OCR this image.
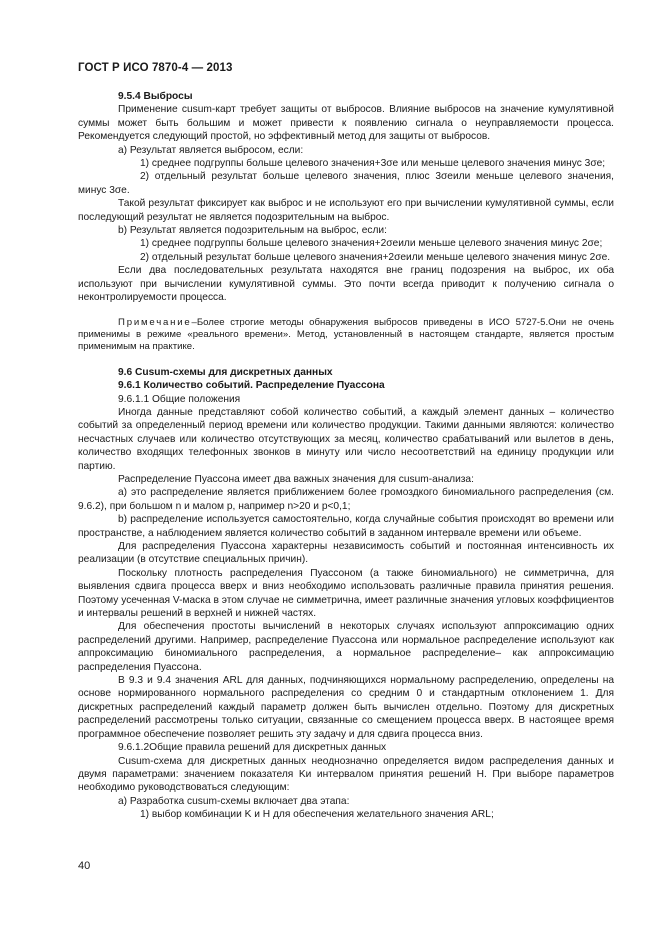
ГОСТ Р ИСО 7870-4 — 2013

9.5.4 Выбросы

Применение cusum-карт требует защиты от выбросов. Влияние выбросов на значение кумулятивной суммы может быть большим и может привести к появлению сигнала о неуправляемости процесса. Рекомендуется следующий простой, но эффективный метод для защиты от выбросов.

а) Результат является выбросом, если:

1) среднее подгруппы больше целевого значения+3σе или меньше целевого значения минус 3σе;

2) отдельный результат больше целевого значения, плюс 3σеили меньше целевого значения, минус 3σе.

Такой результат фиксирует как выброс и не используют его при вычислении кумулятивной суммы, если последующий результат не является подозрительным на выброс.

b) Результат является подозрительным на выброс, если:

1) среднее подгруппы больше целевого значения+2σеили меньше целевого значения минус 2σе;

2) отдельный результат больше целевого значения+2σеили меньше целевого значения минус 2σе.

Если два последовательных результата находятся вне границ подозрения на выброс, их оба используют при вычислении кумулятивной суммы. Это почти всегда приводит к получению сигнала о неконтролируемости процесса.

Примечание–Более строгие методы обнаружения выбросов приведены в ИСО 5727-5.Они не очень применимы в режиме «реального времени». Метод, установленный в настоящем стандарте, является простым применимым на практике.

9.6 Cusum-схемы для дискретных данных

9.6.1 Количество событий. Распределение Пуассона

9.6.1.1 Общие положения

Иногда данные представляют собой количество событий, а каждый элемент данных – количество событий за определенный период времени или количество продукции. Такими данными являются: количество несчастных случаев или количество отсутствующих за месяц, количество срабатываний или вылетов в день, количество входящих телефонных звонков в минуту или число несоответствий на единицу продукции или партию.

Распределение Пуассона имеет два важных значения для cusum-анализа:

а) это распределение является приближением более громоздкого биномиального распределения (см. 9.6.2), при большом n и малом p, например n>20 и p<0,1;

b) распределение используется самостоятельно, когда случайные события происходят во времени или пространстве, а наблюдением является количество событий в заданном интервале времени или объеме.

Для распределения Пуассона характерны независимость событий и постоянная интенсивность их реализации (в отсутствие специальных причин).

Поскольку плотность распределения Пуассоном (а также биномиального) не симметрична, для выявления сдвига процесса вверх и вниз необходимо использовать различные правила принятия решения. Поэтому усеченная V-маска в этом случае не симметрична, имеет различные значения угловых коэффициентов и интервалы решений в верхней и нижней частях.

Для обеспечения простоты вычислений в некоторых случаях используют аппроксимацию одних распределений другими. Например, распределение Пуассона или нормальное распределение используют как аппроксимацию биномиального распределения, а нормальное распределение– как аппроксимацию распределения Пуассона.

В 9.3 и 9.4 значения ARL для данных, подчиняющихся нормальному распределению, определены на основе нормированного нормального распределения со средним 0 и стандартным отклонением 1. Для дискретных распределений каждый параметр должен быть вычислен отдельно. Поэтому для дискретных распределений рассмотрены только ситуации, связанные со смещением процесса вверх. В настоящее время программное обеспечение позволяет решить эту задачу и для сдвига процесса вниз.

9.6.1.2Общие правила решений для дискретных данных

Cusum-схема для дискретных данных неоднозначно определяется видом распределения данных и двумя параметрами: значением показателя Kи интервалом принятия решений H. При выборе параметров необходимо руководствоваться следующим:

а) Разработка cusum-схемы включает два этапа:

1) выбор комбинации K и H для обеспечения желательного значения ARL;

40
